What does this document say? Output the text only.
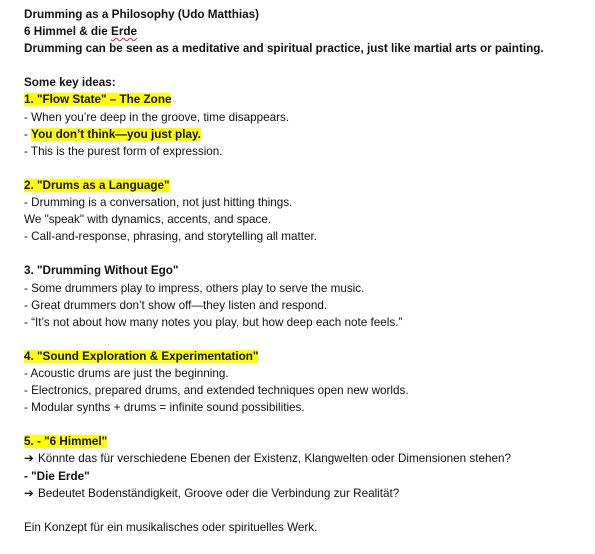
Drumming as a Philosophy (Udo Matthias)
6 Himmel & die Erde
Drumming can be seen as a meditative and spiritual practice, just like martial arts or painting.
Some key ideas:
1. "Flow State" – The Zone
- When you’re deep in the groove, time disappears.
- You don’t think—you just play.
- This is the purest form of expression.
2. "Drums as a Language"
- Drumming is a conversation, not just hitting things.
We "speak" with dynamics, accents, and space.
- Call-and-response, phrasing, and storytelling all matter.
3. "Drumming Without Ego"
- Some drummers play to impress, others play to serve the music.
- Great drummers don’t show off—they listen and respond.
- “It’s not about how many notes you play, but how deep each note feels.”
4. "Sound Exploration & Experimentation"
- Acoustic drums are just the beginning.
- Electronics, prepared drums, and extended techniques open new worlds.
- Modular synths + drums = infinite sound possibilities.
5. - "6 Himmel"
➔ Könnte das für verschiedene Ebenen der Existenz, Klangwelten oder Dimensionen stehen?
- "Die Erde"
➔ Bedeutet Bodenständigkeit, Groove oder die Verbindung zur Realität?
Ein Konzept für ein musikalisches oder spirituelles Werk.
